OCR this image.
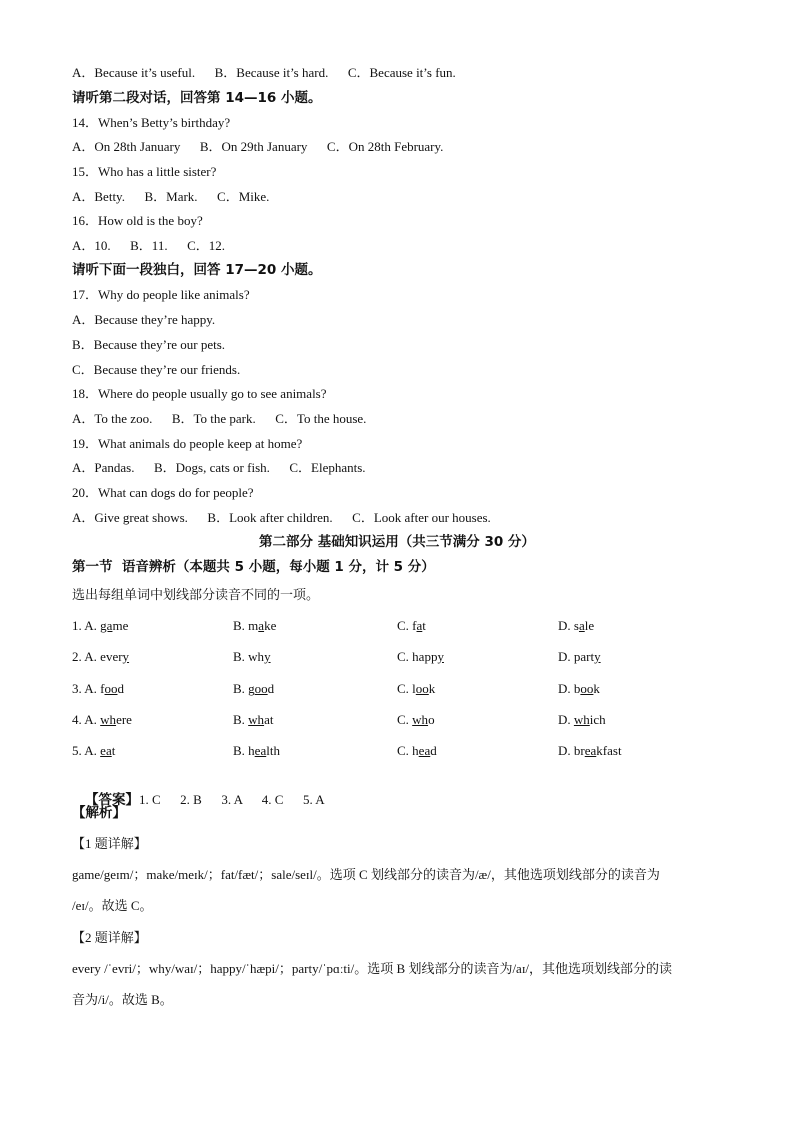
A．Because it’s useful.      B．Because it’s hard.      C．Because it’s fun.
请听第二段对话，回答第 14—16 小题。
14．When’s Betty’s birthday?
A．On 28th January      B．On 29th January      C．On 28th February.
15．Who has a little sister?
A．Betty.      B．Mark.      C．Mike.
16．How old is the boy?
A．10.      B．11.      C．12.
请听下面一段独白，回答 17—20 小题。
17．Why do people like animals?
A．Because they’re happy.
B．Because they’re our pets.
C．Because they’re our friends.
18．Where do people usually go to see animals?
A．To the zoo.      B．To the park.      C．To the house.
19．What animals do people keep at home?
A．Pandas.      B．Dogs, cats or fish.      C．Elephants.
20．What can dogs do for people?
A．Give great shows.      B．Look after children.      C．Look after our houses.
第二部分 基础知识运用（共三节满分 30 分）
第一节  语音辨析（本题共 5 小题，每小题 1 分，计 5 分）
选出每组单词中划线部分读音不同的一项。
1. A. game	B. make	C. fat	D. sale
2. A. every	B. why	C. happy	D. party
3. A. food	B. good	C. look	D. book
4. A. where	B. what	C. who	D. which
5. A. eat	B. health	C. head	D. breakfast

【答案】1. C      2. B      3. A      4. C      5. A

【解析】
【1 题详解】
game/geɪm/；make/meɪk/；fat/fæt/；sale/seɪl/。选项 C 划线部分的读音为/æ/，其他选项划线部分的读音为
/eɪ/。故选 C。
【2 题详解】
every /ˈevri/；why/waɪ/；happy/ˈhæpi/；party/ˈpɑːti/。选项 B 划线部分的读音为/aɪ/，其他选项划线部分的读
音为/i/。故选 B。
